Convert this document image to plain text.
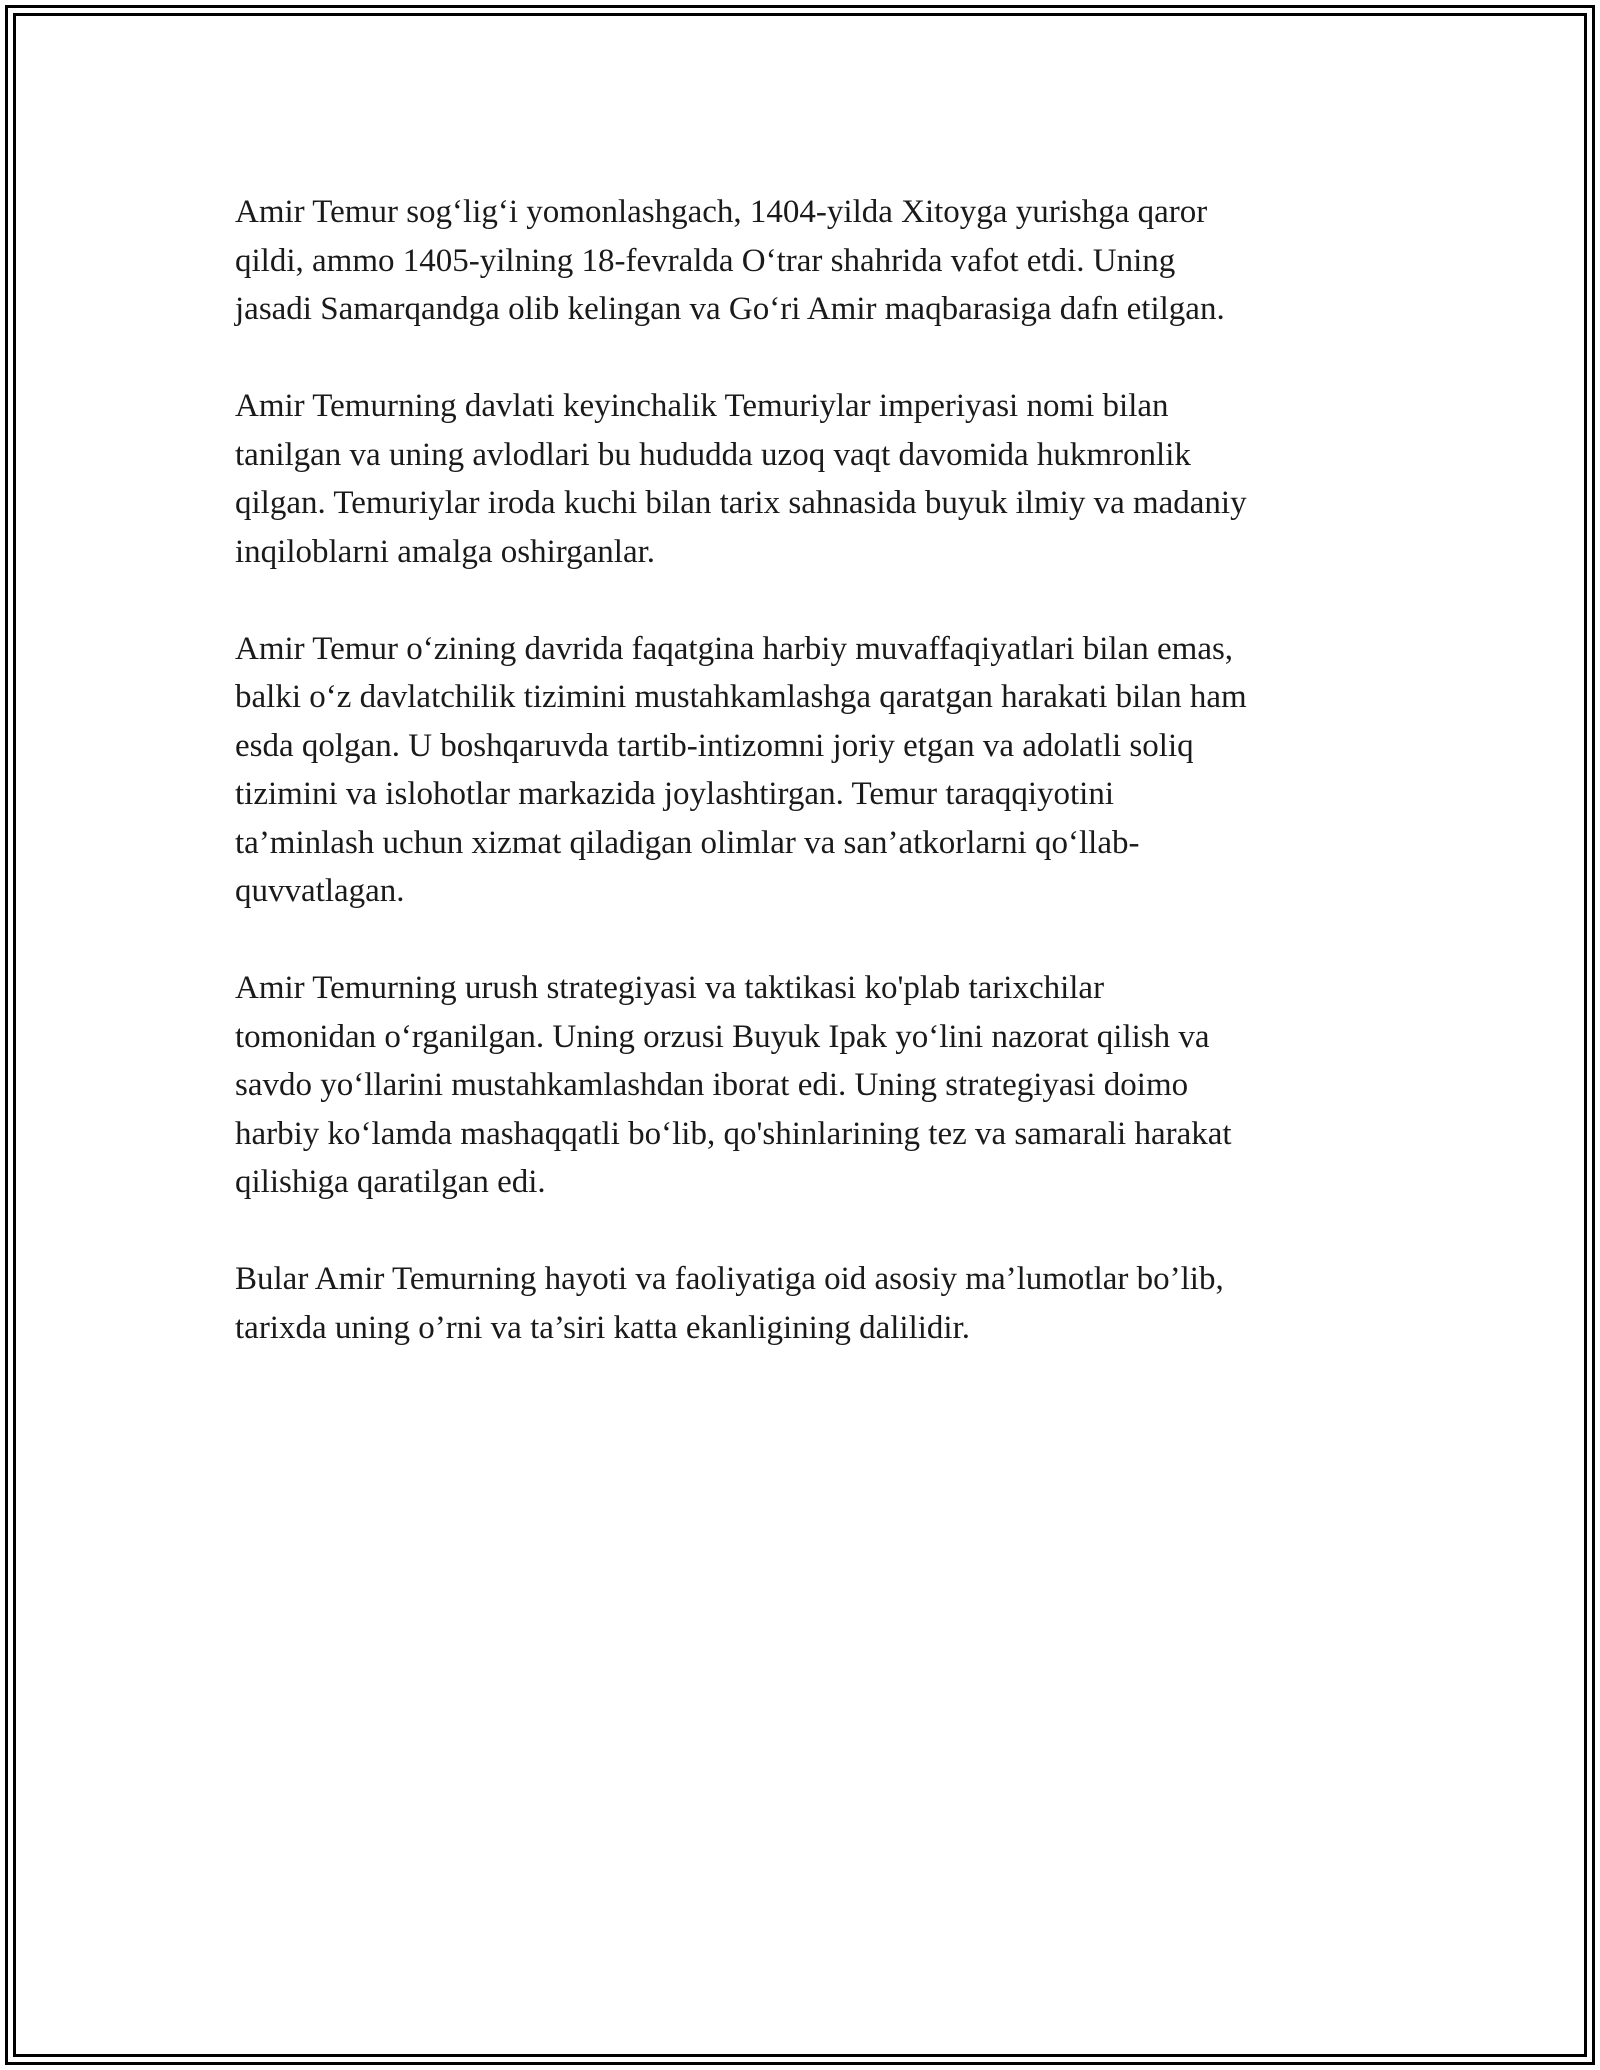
Amir Temur sog‘lig‘i yomonlashgach, 1404-yilda Xitoyga yurishga qaror
qildi, ammo 1405-yilning 18-fevralda O‘trar shahrida vafot etdi. Uning
jasadi Samarqandga olib kelingan va Go‘ri Amir maqbarasiga dafn etilgan.

Amir Temurning davlati keyinchalik Temuriylar imperiyasi nomi bilan
tanilgan va uning avlodlari bu hududda uzoq vaqt davomida hukmronlik
qilgan. Temuriylar iroda kuchi bilan tarix sahnasida buyuk ilmiy va madaniy
inqiloblarni amalga oshirganlar.

Amir Temur o‘zining davrida faqatgina harbiy muvaffaqiyatlari bilan emas,
balki o‘z davlatchilik tizimini mustahkamlashga qaratgan harakati bilan ham
esda qolgan. U boshqaruvda tartib-intizomni joriy etgan va adolatli soliq
tizimini va islohotlar markazida joylashtirgan. Temur taraqqiyotini
ta’minlash uchun xizmat qiladigan olimlar va san’atkorlarni qo‘llab-
quvvatlagan.

Amir Temurning urush strategiyasi va taktikasi ko'plab tarixchilar
tomonidan o‘rganilgan. Uning orzusi Buyuk Ipak yo‘lini nazorat qilish va
savdo yo‘llarini mustahkamlashdan iborat edi. Uning strategiyasi doimo
harbiy ko‘lamda mashaqqatli bo‘lib, qo'shinlarining tez va samarali harakat
qilishiga qaratilgan edi.

Bular Amir Temurning hayoti va faoliyatiga oid asosiy ma’lumotlar bo’lib,
tarixda uning o’rni va ta’siri katta ekanligining dalilidir.
